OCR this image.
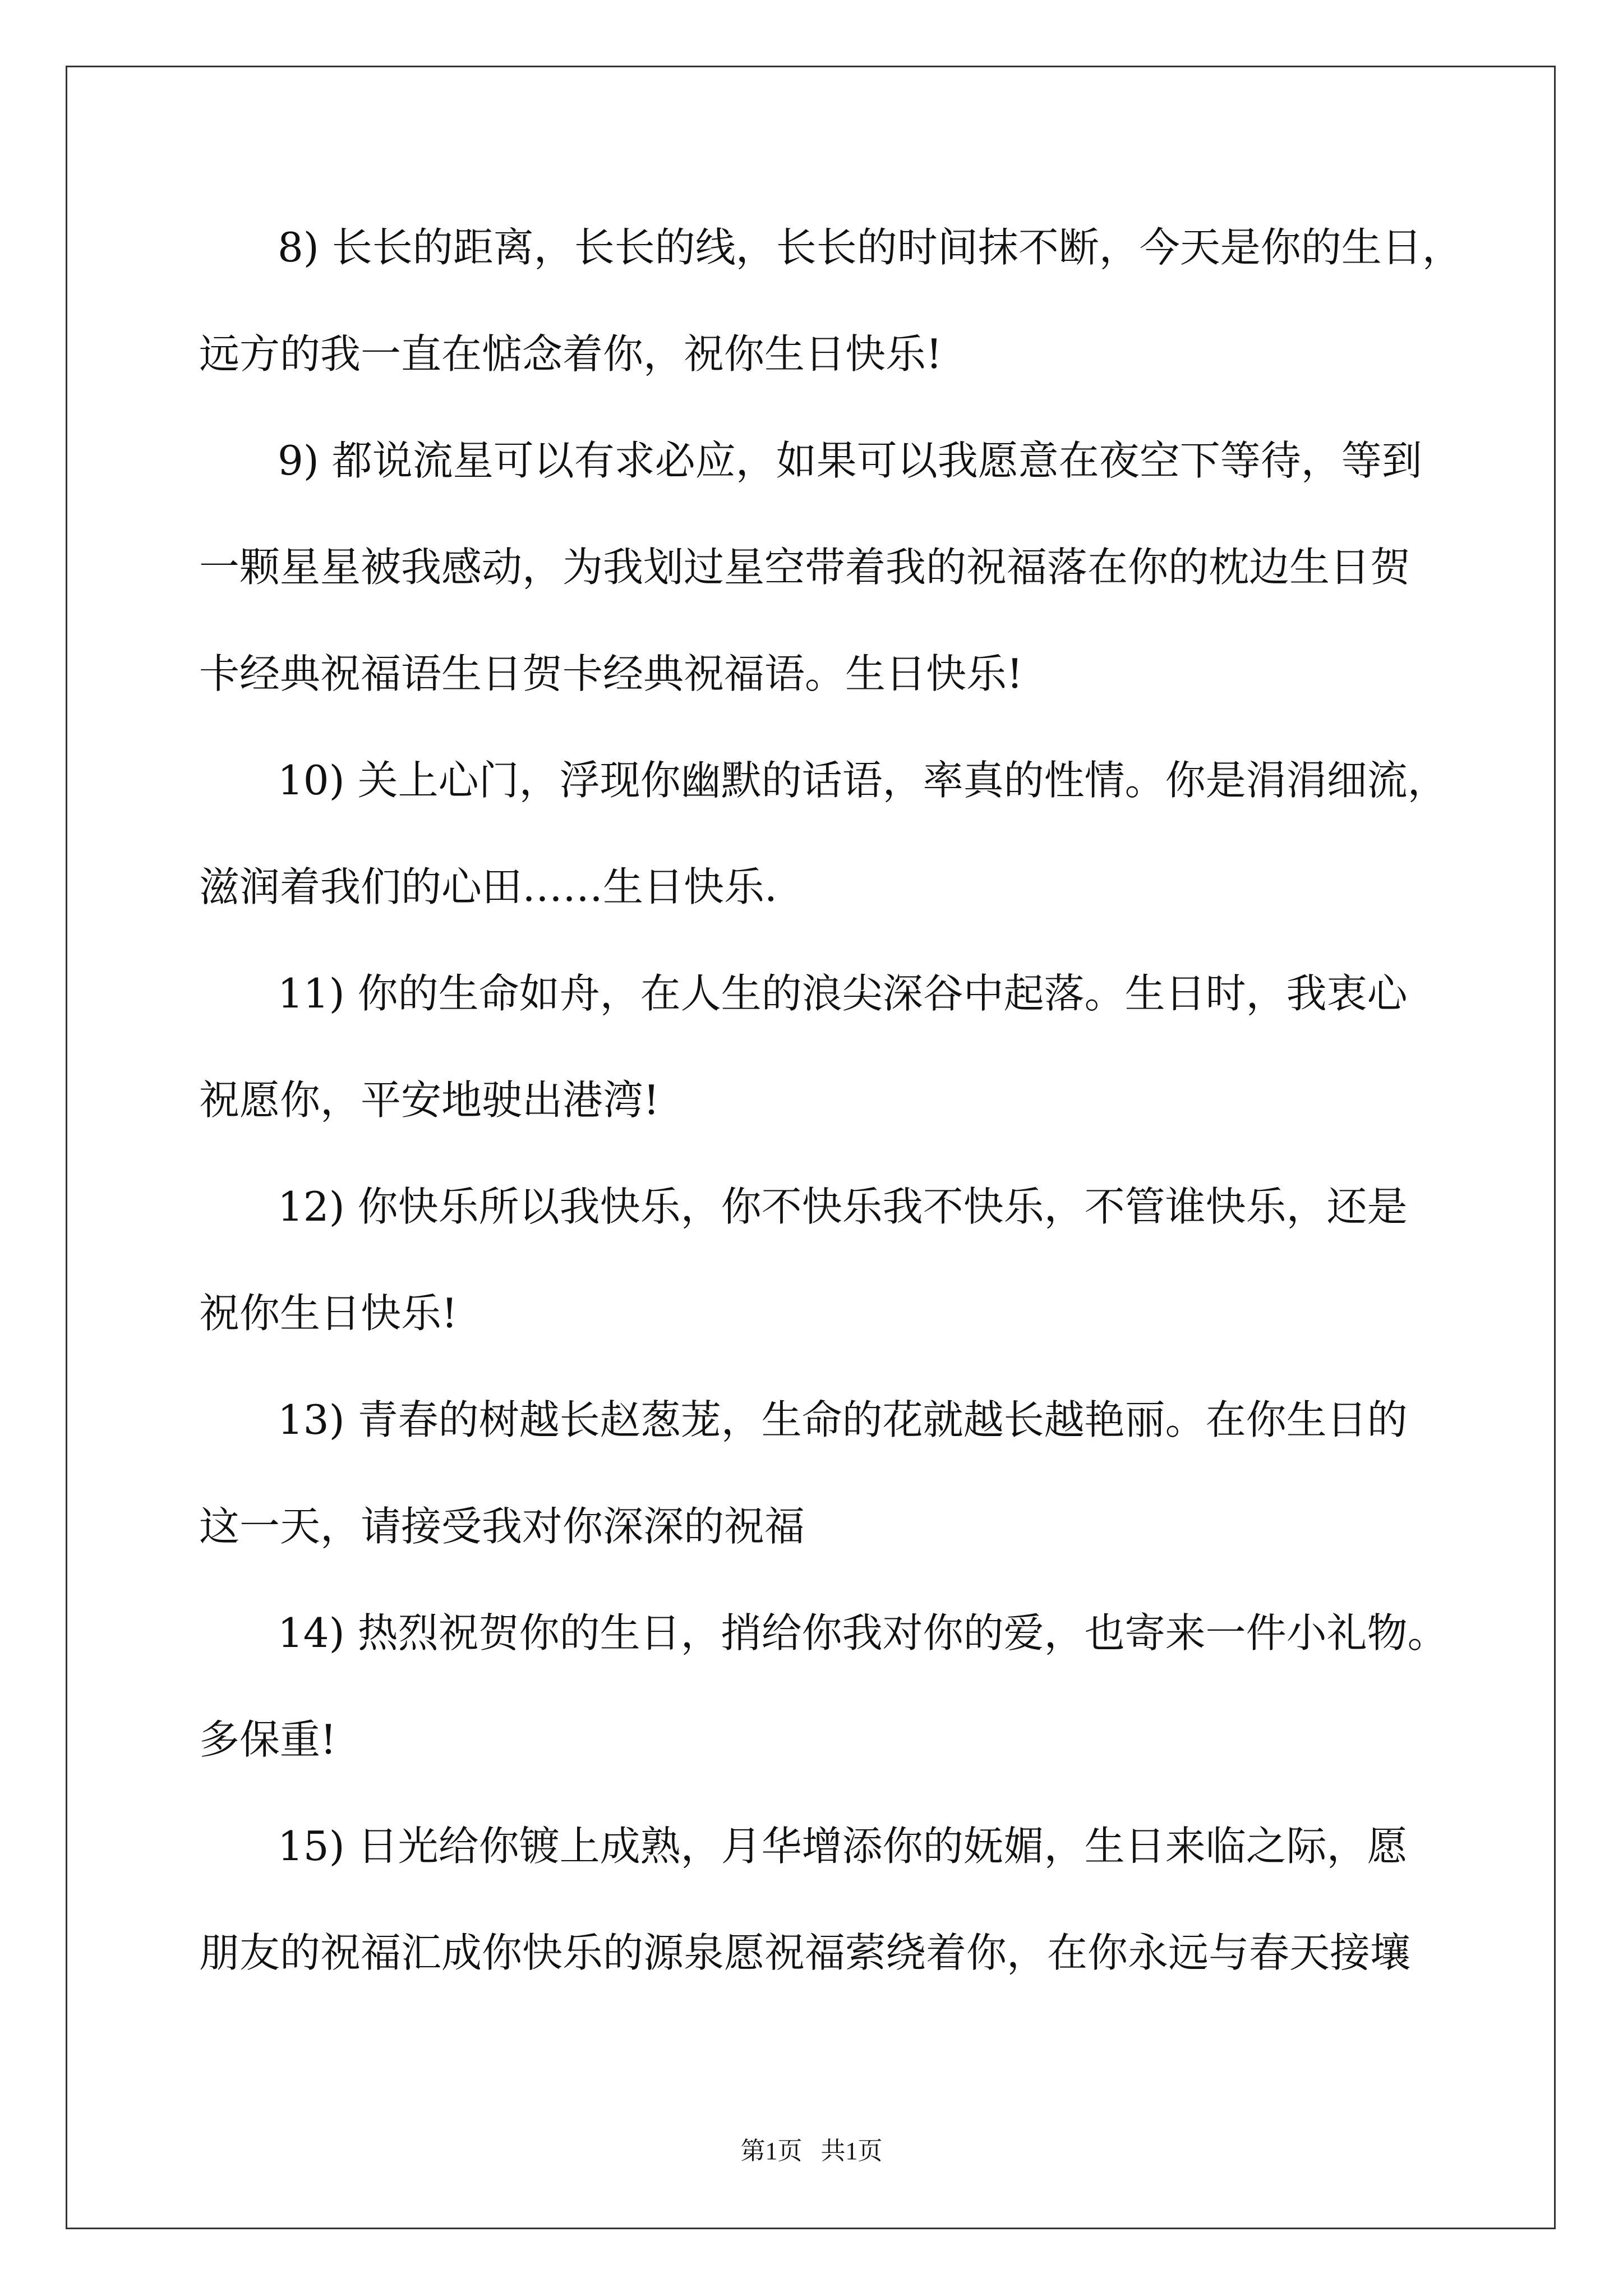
8) 长长的距离，长长的线，长长的时间抹不断，今天是你的生日，
远方的我一直在惦念着你，祝你生日快乐!
9) 都说流星可以有求必应，如果可以我愿意在夜空下等待，等到
一颗星星被我感动，为我划过星空带着我的祝福落在你的枕边生日贺
卡经典祝福语生日贺卡经典祝福语。生日快乐!
10) 关上心门，浮现你幽默的话语，率真的性情。你是涓涓细流，
滋润着我们的心田……生日快乐.
11) 你的生命如舟，在人生的浪尖深谷中起落。生日时，我衷心
祝愿你，平安地驶出港湾!
12) 你快乐所以我快乐，你不快乐我不快乐，不管谁快乐，还是
祝你生日快乐!
13) 青春的树越长赵葱茏，生命的花就越长越艳丽。在你生日的
这一天，请接受我对你深深的祝福
14) 热烈祝贺你的生日，捎给你我对你的爱，也寄来一件小礼物。
多保重!
15) 日光给你镀上成熟，月华增添你的妩媚，生日来临之际，愿
朋友的祝福汇成你快乐的源泉愿祝福萦绕着你，在你永远与春天接壤
第1页   共1页
